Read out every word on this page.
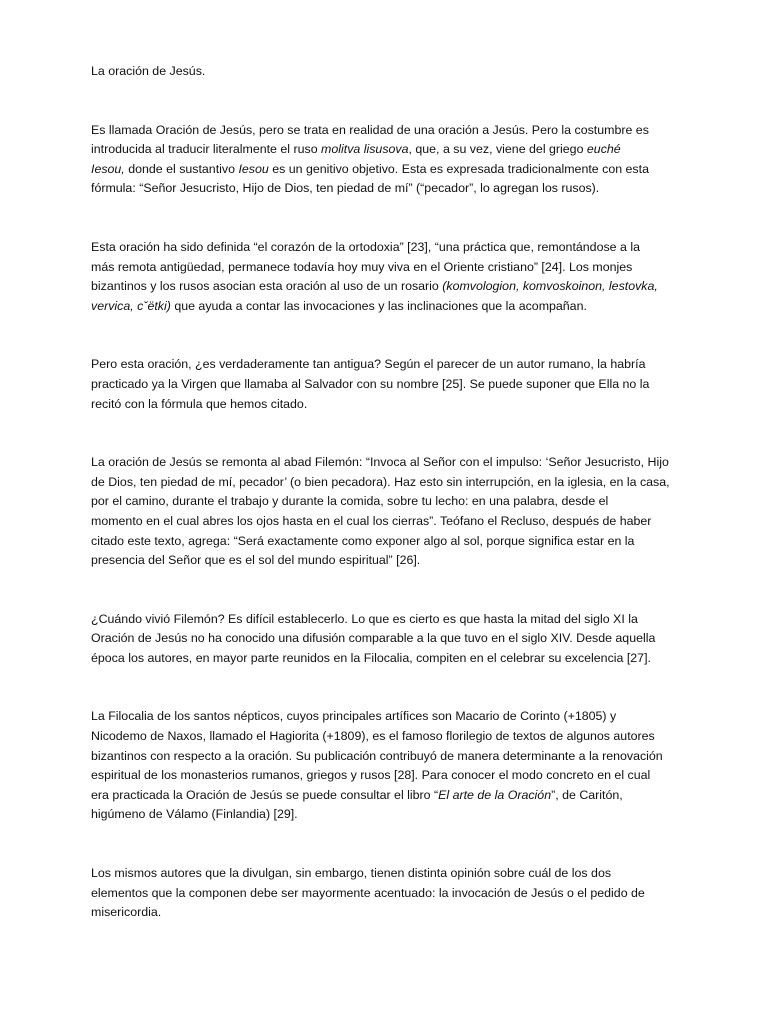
La oración de Jesús.
Es llamada Oración de Jesús, pero se trata en realidad de una oración a Jesús. Pero la costumbre es
introducida al traducir literalmente el ruso molitva lisusova, que, a su vez, viene del griego euché
Iesou, donde el sustantivo Iesou es un genitivo objetivo. Esta es expresada tradicionalmente con esta
fórmula: “Señor Jesucristo, Hijo de Dios, ten piedad de mí” (“pecador”, lo agregan los rusos).
Esta oración ha sido definida “el corazón de la ortodoxia” [23], “una práctica que, remontándose a la
más remota antigüedad, permanece todavía hoy muy viva en el Oriente cristiano” [24]. Los monjes
bizantinos y los rusos asocian esta oración al uso de un rosario (komvologion, komvoskoinon, lestovka,
vervica, cˇëtki) que ayuda a contar las invocaciones y las inclinaciones que la acompañan.
Pero esta oración, ¿es verdaderamente tan antigua? Según el parecer de un autor rumano, la habría
practicado ya la Virgen que llamaba al Salvador con su nombre [25]. Se puede suponer que Ella no la
recitó con la fórmula que hemos citado.
La oración de Jesús se remonta al abad Filemón: “Invoca al Señor con el impulso: ‘Señor Jesucristo, Hijo
de Dios, ten piedad de mí, pecador’ (o bien pecadora). Haz esto sin interrupción, en la iglesia, en la casa,
por el camino, durante el trabajo y durante la comida, sobre tu lecho: en una palabra, desde el
momento en el cual abres los ojos hasta en el cual los cierras”. Teófano el Recluso, después de haber
citado este texto, agrega: “Será exactamente como exponer algo al sol, porque significa estar en la
presencia del Señor que es el sol del mundo espiritual” [26].
¿Cuándo vivió Filemón? Es difícil establecerlo. Lo que es cierto es que hasta la mitad del siglo XI la
Oración de Jesús no ha conocido una difusión comparable a la que tuvo en el siglo XIV. Desde aquella
época los autores, en mayor parte reunidos en la Filocalia, compiten en el celebrar su excelencia [27].
La Filocalia de los santos népticos, cuyos principales artífices son Macario de Corinto (+1805) y
Nicodemo de Naxos, llamado el Hagiorita (+1809), es el famoso florilegio de textos de algunos autores
bizantinos con respecto a la oración. Su publicación contribuyó de manera determinante a la renovación
espiritual de los monasterios rumanos, griegos y rusos [28]. Para conocer el modo concreto en el cual
era practicada la Oración de Jesús se puede consultar el libro “El arte de la Oración”, de Caritón,
higúmeno de Válamo (Finlandia) [29].
Los mismos autores que la divulgan, sin embargo, tienen distinta opinión sobre cuál de los dos
elementos que la componen debe ser mayormente acentuado: la invocación de Jesús o el pedido de
misericordia.
